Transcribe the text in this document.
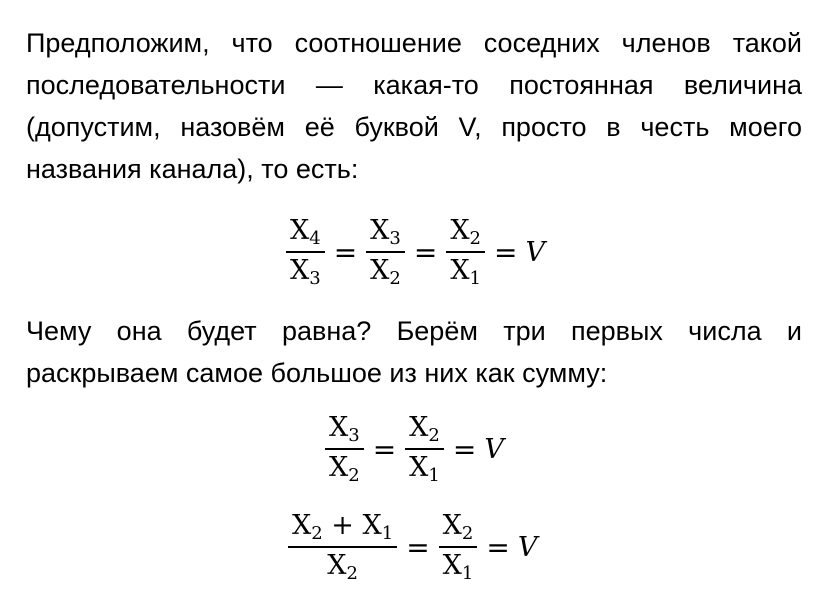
Предположим, что соотношение соседних членов такой последовательности — какая-то постоянная величина (допустим, назовём её буквой V, просто в честь моего названия канала), то есть:
$\frac{X_4}{X_3} = \frac{X_3}{X_2} = \frac{X_2}{X_1} = V$
Чему она будет равна? Берём три первых числа и раскрываем самое большое из них как сумму:
$\frac{X_3}{X_2} = \frac{X_2}{X_1} = V$
$\frac{X_2 + X_1}{X_2} = \frac{X_2}{X_1} = V$
